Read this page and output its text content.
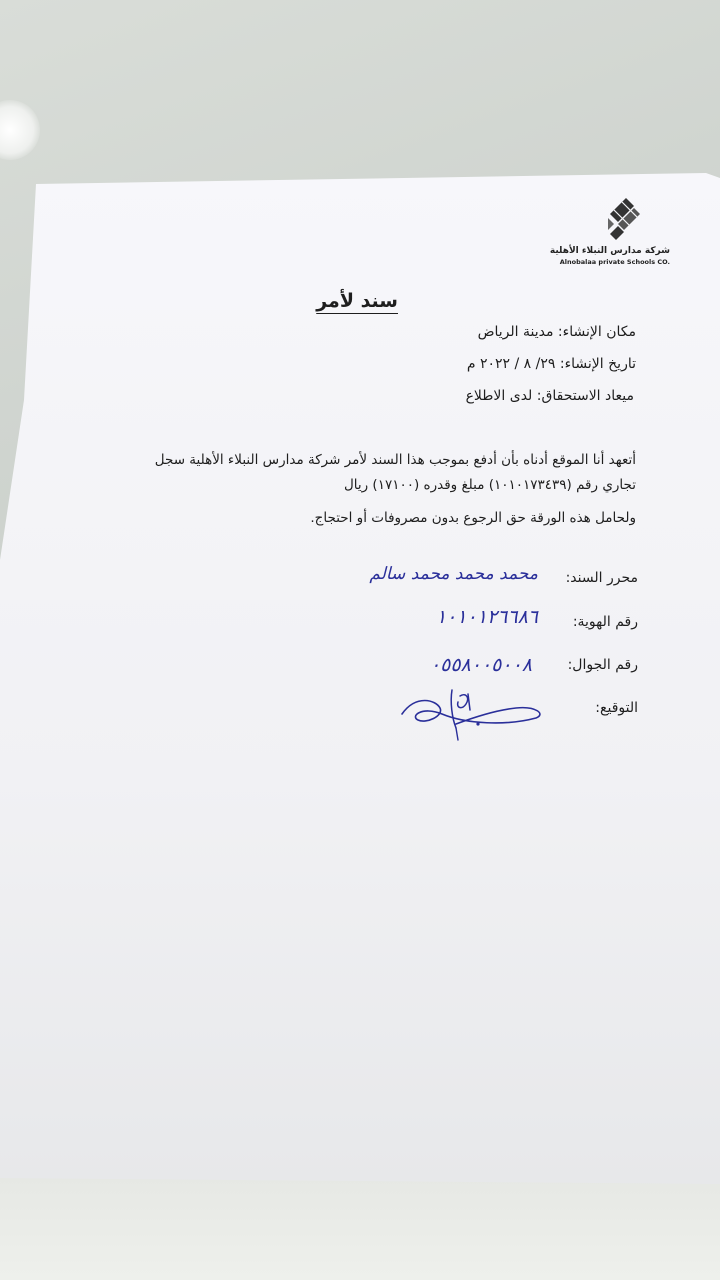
شركة مدارس النبلاء الأهلية
Alnobalaa private Schools CO.
سند لأمر
مكان الإنشاء: مدينة الرياض
تاريخ الإنشاء: ٢٩/ ٨ / ٢٠٢٢ م
ميعاد الاستحقاق: لدى الاطلاع
أتعهد أنا الموقع أدناه بأن أدفع بموجب هذا السند لأمر شركة مدارس النبلاء الأهلية سجل
تجاري رقم (١٠١٠١٧٣٤٣٩) مبلغ وقدره (١٧١٠٠) ريال
ولحامل هذه الورقة حق الرجوع بدون مصروفات أو احتجاج.
محرر السند:
رقم الهوية:
رقم الجوال:
التوقيع:
محمد محمد محمد سالم
١٠١٠١٢٦٦٨٦
٠٥٥٨٠٠٥٠٠٨
